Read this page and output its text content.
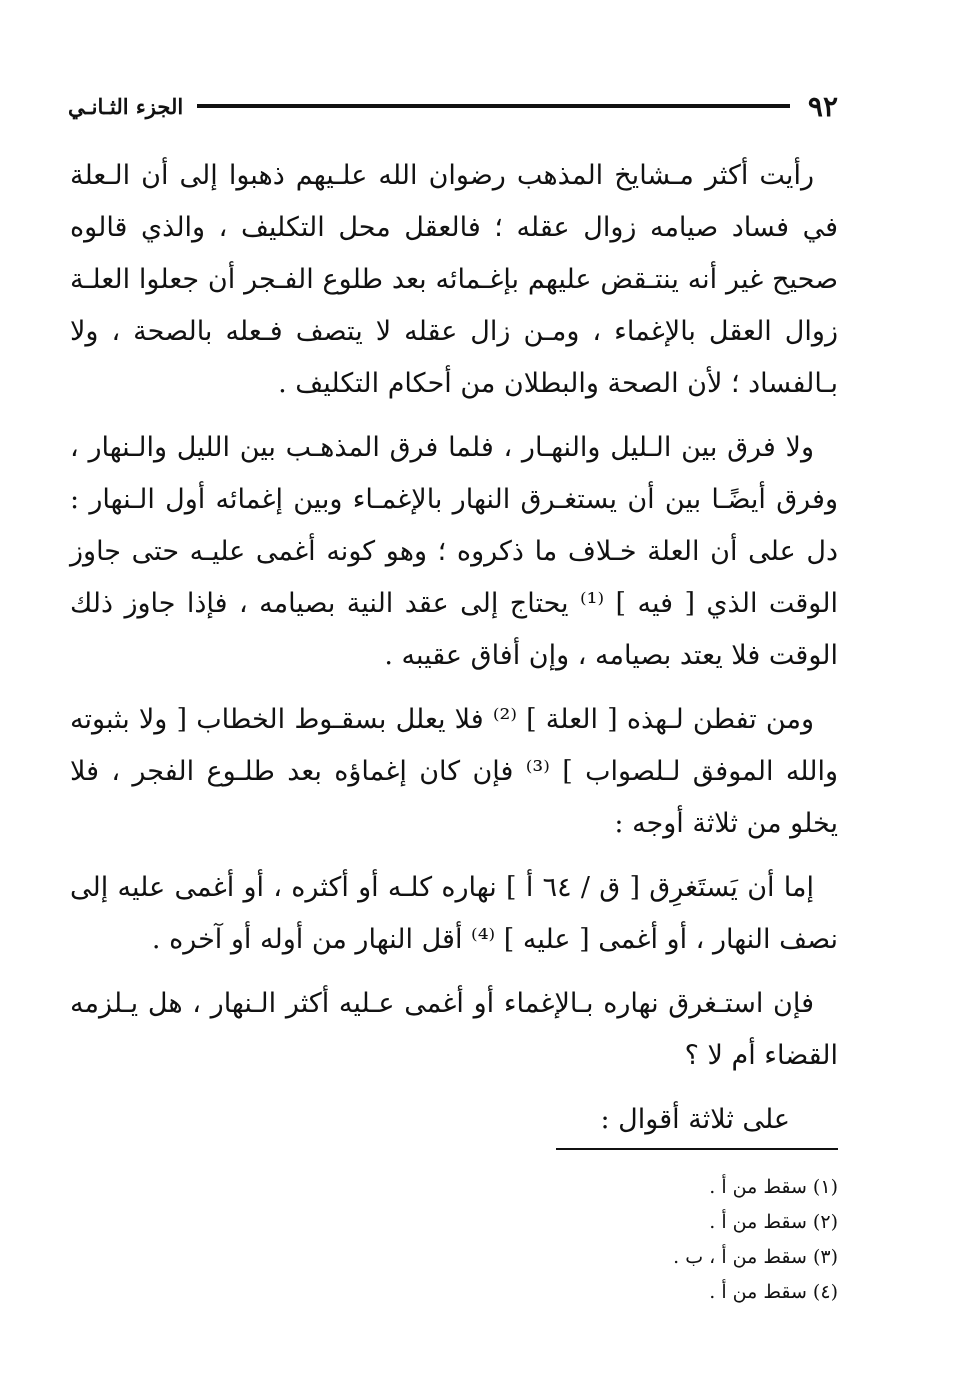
٩٢
الجزء الثـانـي

رأيت أكثر مـشايخ المذهب رضوان الله علـيهم ذهبوا إلى أن الـعلة في فساد صيامه زوال عقله ؛ فالعقل محل التكليف ، والذي قالوه صحيح غير أنه ينتـقض عليهم بإغـمائه بعد طلوع الفـجر أن جعلوا العلـة زوال العقل بالإغماء ، ومـن زال عقله لا يتصف فـعله بالصحة ، ولا بـالفساد ؛ لأن الصحة والبطلان من أحكام التكليف .

ولا فرق بين الـليل والنهـار ، فلما فرق المذهـب بين الليل والـنهار ، وفرق أيضًـا بين أن يستغـرق النهار بالإغمـاء وبين إغمائه أول الـنهار : دل على أن العلة خـلاف ما ذكروه ؛ وهو كونه أغمى عليـه حتى جاوز الوقت الذي [ فيه ] ⁽¹⁾ يحتاج إلى عقد النية بصيامه ، فإذا جاوز ذلك الوقت فلا يعتد بصيامه ، وإن أفاق عقيبه .

ومن تفطن لـهذه [ العلة ] ⁽²⁾ فلا يعلل بسقـوط الخطاب [ ولا بثبوته والله الموفق لـلصواب ] ⁽³⁾ فإن كان إغماؤه بعد طلـوع الفجر ، فلا يخلو من ثلاثة أوجه :

إما أن يَستَغرِق [ ق / ٦٤ أ ] نهاره كلـه أو أكثره ، أو أغمى عليه إلى نصف النهار ، أو أغمى [ عليه ] ⁽⁴⁾ أقل النهار من أوله أو آخره .

فإن استـغرق نهاره بـالإغماء أو أغمى عـليه أكثر الـنهار ، هل يـلزمه القضاء أم لا ؟

على ثلاثة أقوال :

(١) سقط من أ .

(٢) سقط من أ .

(٣) سقط من أ ، ب .

(٤) سقط من أ .
